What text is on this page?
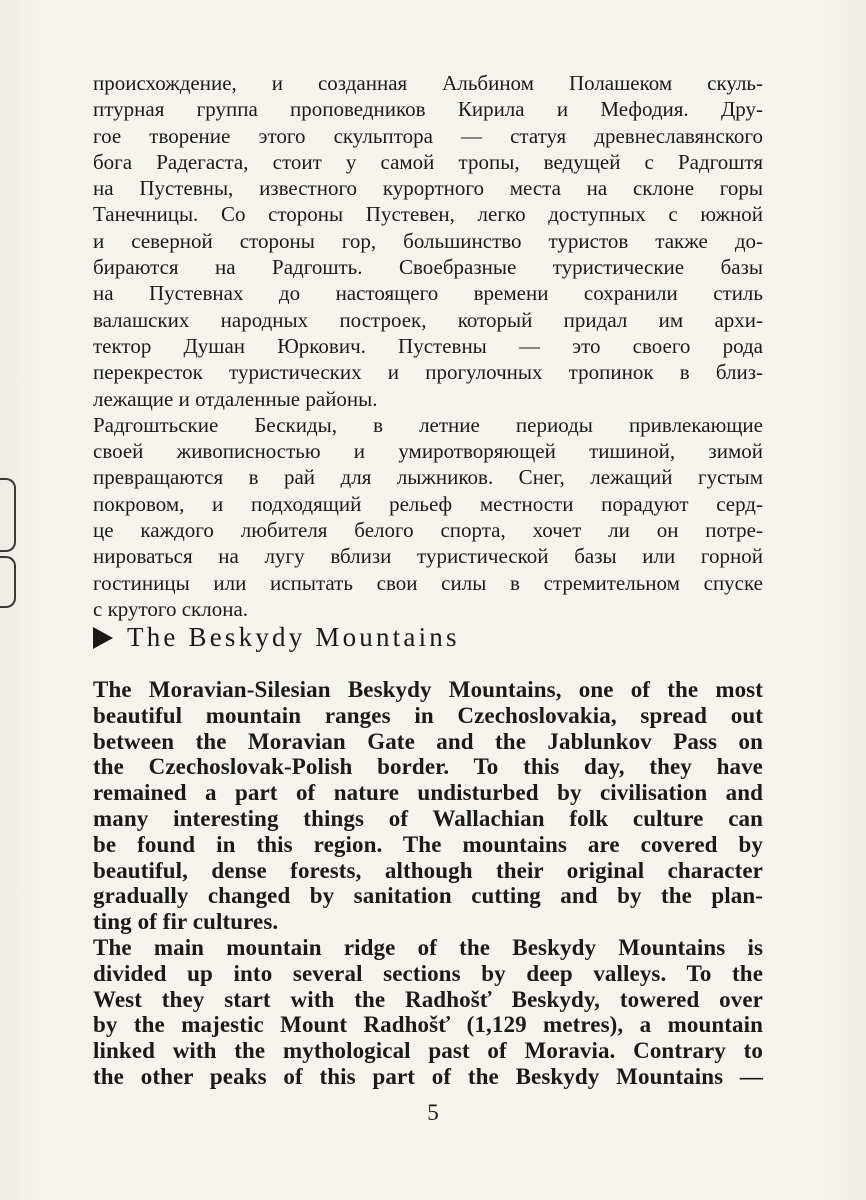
происхождение, и созданная Альбином Полашеком скуль-
птурная группа проповедников Кирила и Мефодия. Дру-
гое творение этого скульптора — статуя древнеславянского
бога Радегаста, стоит у самой тропы, ведущей с Радгоштя
на Пустевны, известного курортного места на склоне горы
Танечницы. Со стороны Пустевен, легко доступных с южной
и северной стороны гор, большинство туристов также до-
бираются на Радгошть. Своебразные туристические базы
на Пустевнах до настоящего времени сохранили стиль
валашских народных построек, который придал им архи-
тектор Душан Юркович. Пустевны — это своего рода
перекресток туристических и прогулочных тропинок в близ-
лежащие и отдаленные районы.
Радгоштьские Бескиды, в летние периоды привлекающие
своей живописностью и умиротворяющей тишиной, зимой
превращаются в рай для лыжников. Снег, лежащий густым
покровом, и подходящий рельеф местности порадуют серд-
це каждого любителя белого спорта, хочет ли он потре-
нироваться на лугу вблизи туристической базы или горной
гостиницы или испытать свои силы в стремительном спуске
с крутого склона.
The Beskydy Mountains
The Moravian-Silesian Beskydy Mountains, one of the most
beautiful mountain ranges in Czechoslovakia, spread out
between the Moravian Gate and the Jablunkov Pass on
the Czechoslovak-Polish border. To this day, they have
remained a part of nature undisturbed by civilisation and
many interesting things of Wallachian folk culture can
be found in this region. The mountains are covered by
beautiful, dense forests, although their original character
gradually changed by sanitation cutting and by the plan-
ting of fir cultures.
The main mountain ridge of the Beskydy Mountains is
divided up into several sections by deep valleys. To the
West they start with the Radhošť Beskydy, towered over
by the majestic Mount Radhošť (1,129 metres), a mountain
linked with the mythological past of Moravia. Contrary to
the other peaks of this part of the Beskydy Mountains —
5
